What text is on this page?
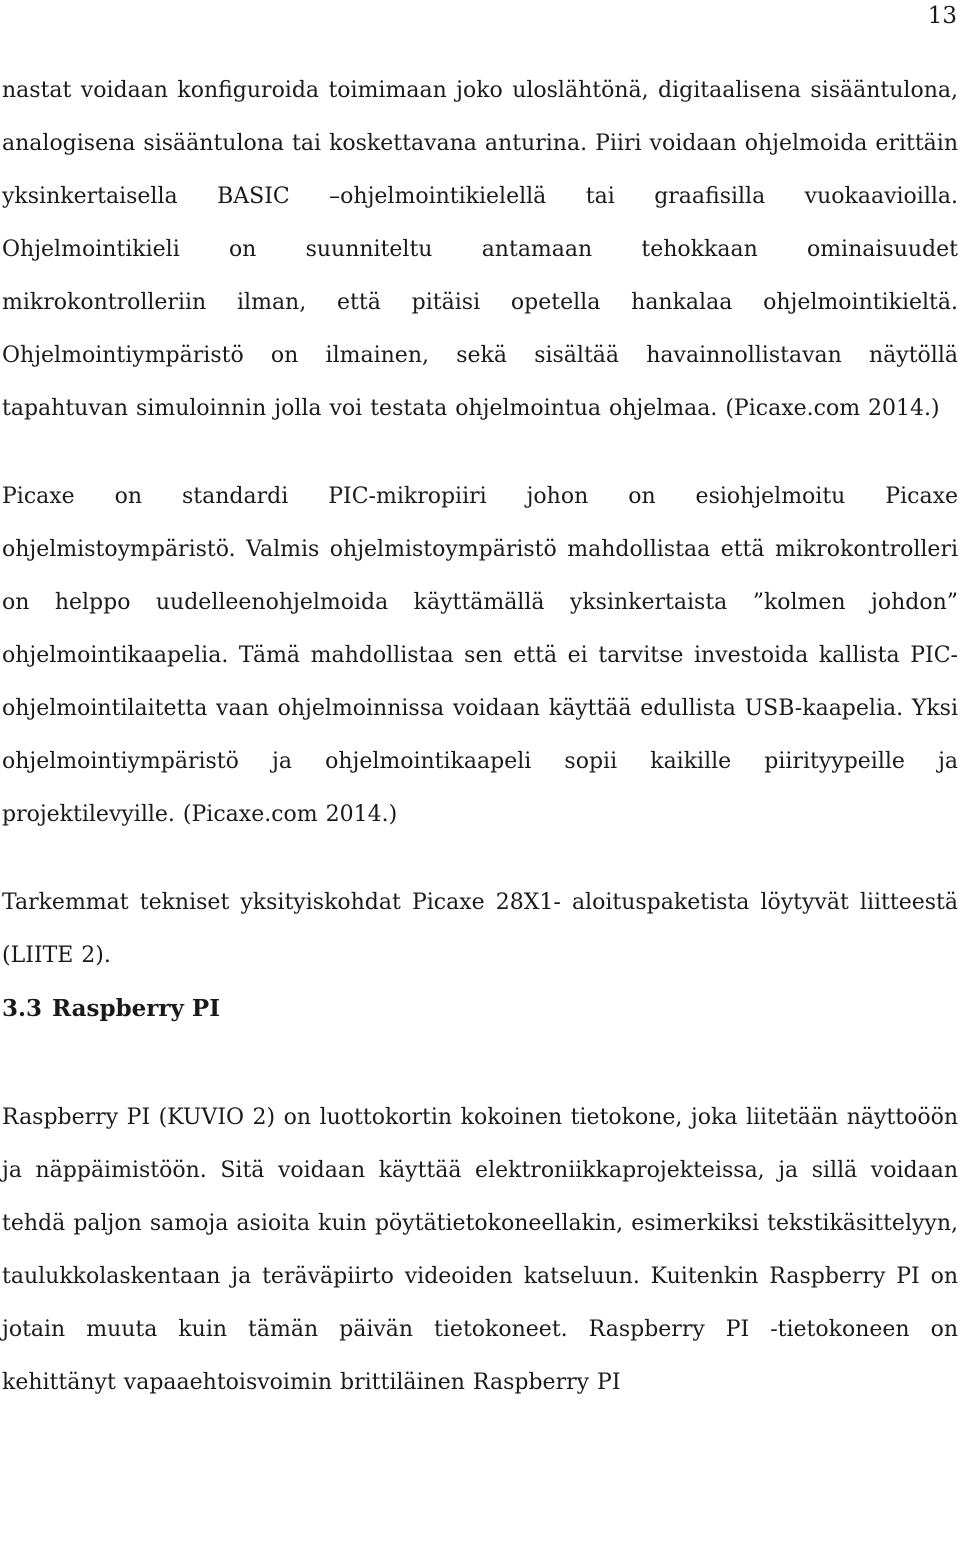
13

nastat voidaan konfiguroida toimimaan joko uloslähtönä, digitaalisena sisääntulona, analogisena sisääntulona tai koskettavana anturina. Piiri voidaan ohjelmoida erittäin yksinkertaisella BASIC –ohjelmointikielellä tai graafisilla vuokaavioilla. Ohjelmointikieli on suunniteltu antamaan tehokkaan ominaisuudet mikrokontrolleriin ilman, että pitäisi opetella hankalaa ohjelmointikieltä. Ohjelmointiympäristö on ilmainen, sekä sisältää havainnollistavan näytöllä tapahtuvan simuloinnin jolla voi testata ohjelmointua ohjelmaa. (Picaxe.com 2014.)

Picaxe on standardi PIC-mikropiiri johon on esiohjelmoitu Picaxe ohjelmistoympäristö. Valmis ohjelmistoympäristö mahdollistaa että mikrokontrolleri on helppo uudelleenohjelmoida käyttämällä yksinkertaista ”kolmen johdon” ohjelmointikaapelia. Tämä mahdollistaa sen että ei tarvitse investoida kallista PIC-ohjelmointilaitetta vaan ohjelmoinnissa voidaan käyttää edullista USB-kaapelia. Yksi ohjelmointiympäristö ja ohjelmointikaapeli sopii kaikille piirityypeille ja projektilevyille. (Picaxe.com 2014.)

Tarkemmat tekniset yksityiskohdat Picaxe 28X1- aloituspaketista löytyvät liitteestä (LIITE 2).

3.3 Raspberry PI

Raspberry PI (KUVIO 2) on luottokortin kokoinen tietokone, joka liitetään näyttoöön ja näppäimistöön. Sitä voidaan käyttää elektroniikkaprojekteissa, ja sillä voidaan tehdä paljon samoja asioita kuin pöytätietokoneellakin, esimerkiksi tekstikäsittelyyn, taulukkolaskentaan ja teräväpiirto videoiden katseluun. Kuitenkin Raspberry PI on jotain muuta kuin tämän päivän tietokoneet. Raspberry PI -tietokoneen on kehittänyt vapaaehtoisvoimin brittiläinen Raspberry PI
